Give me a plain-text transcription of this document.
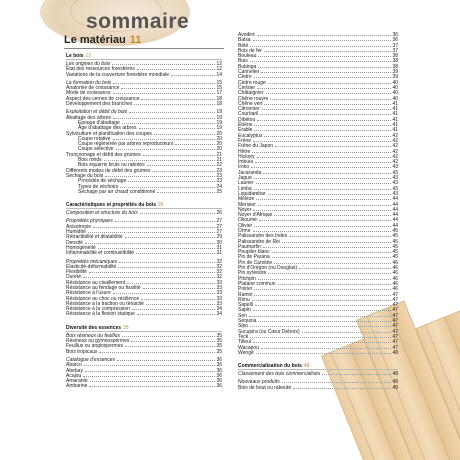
sommaire
Le matériau 11
Le bois 12
Les origines du bois	12
État des ressources forestières	12
Variations de la couverture forestière mondiale	14
La formation du bois	15
Anatomie de croissance	15
Mode de croissance	17
Aspect des cernes de croissance	18
Développement des branches	18
Exploitation et débit du bois	19
Abattage des arbres	19
Époque d'abattage	19
Âge d'abattage des arbres	19
Sylviculture et planification des coupes	20
Coupe rotative	20
Coupe régénérée par arbres reproducteurs	20
Coupe sélective	20
Tronçonnage et débit des grumes	21
Bois ronds	21
Bois équarris bruts ou rabotés	22
Différents modes de débit des grumes	23
Séchage du bois	23
Procédés de séchage	23
Types de séchoirs	24
Séchage par air chaud conditionné	25
Caractéristiques et propriétés du bois 26
Composition et structure du bois	26
Propriétés physiques	27
Anisotropie	27
Humidité	27
Rétractibilité et dilatabilité	29
Densité	30
Homogénéité	31
Inflammabilité et combustibilité	31
Propriétés mécaniques	32
Élasticité-déformabilité	32
Flexibilité	32
Dureté	32
Résistance au cisaillement	33
Résistance au fendage ou fissilité	33
Résistance à l'usure	33
Résistance au choc ou résilience	33
Résistance à la traction ou ténacité	33
Résistance à la compression	34
Résistance à la flexion statique	34
Diversité des essences 35
Bois résineux ou feuillus	35
Résineux ou gymnospermes	35
Feuillus ou angiospermes	35
Bois tropicaux	35
Catalogue d'essences	36
Abarco	36
Abebay	36
Acajou	36
Amarante	36
Ambarine	36
Avodiré	36
Balsa	36
Bété	37
Bois de fer	37
Bouleau	38
Buis	38
Bubinga	38
Cannelier	39
Cèdre	39
Cèdre rouge	40
Cerisier	40
Châtaignier	40
Chêne rouvre	40
Chêne vert	41
Citronnier	41
Courbaril	41
Dibétou	41
Ébène	41
Érable	41
Eucalyptus	42
Frêne	42
Frêne du Japon	42
Hêtre	42
Hickory	42
Imbuia	42
Iroko	43
Jacaranda	43
Jagua	43
Laurier	43
Limba	43
Liquidambar	43
Mélèze	44
Merisier	44
Noyer	44
Noyer d'Afrique	44
Okoumé	44
Olivier	44
Orme	45
Palissandre des Indes	45
Palissandre de Rio	45
Paumarfin	45
Peuplier blanc	45
Pin de Parana	45
Pin de Caroline	46
Pin d'Orégon (ou Douglas)	46
Pin sylvestre	46
Pitchpin	46
Platane commun	46
Poirier	46
Ramin	47
Rimu	47
Sapelli	47
Sapin	47
Sen	47
Séquoia	47
Sipo	47
Sucupira (ou Cœur Dehors)	47
Teck	47
Tilleul	47
Wacapou	47
Wengé	48
Commercialisation du bois 48
Classement des bois commercialisés	48
Nouveaux produits	48
Bois de bout ou rabouté	49
